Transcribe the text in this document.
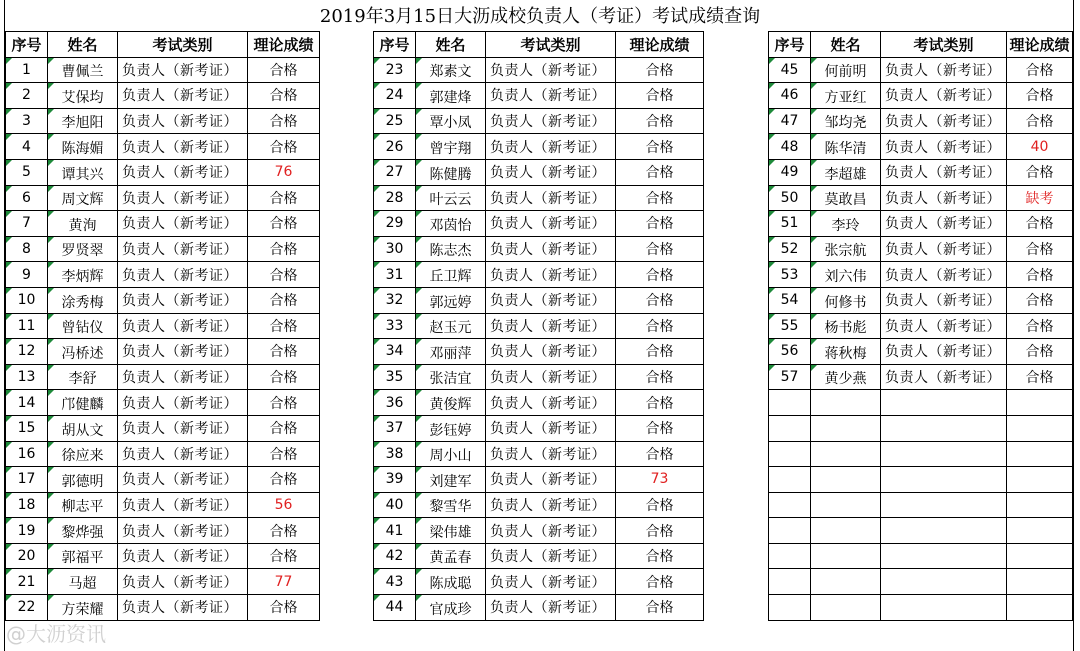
2019年3月15日大沥成校负责人（考证）考试成绩查询
序号	姓名	考试类别	理论成绩
1	曹佩兰	负责人（新考证）	合格
2	艾保均	负责人（新考证）	合格
3	李旭阳	负责人（新考证）	合格
4	陈海媚	负责人（新考证）	合格
5	谭其兴	负责人（新考证）	76
6	周文辉	负责人（新考证）	合格
7	黄洵	负责人（新考证）	合格
8	罗贤翠	负责人（新考证）	合格
9	李炳辉	负责人（新考证）	合格
10	涂秀梅	负责人（新考证）	合格
11	曾钻仪	负责人（新考证）	合格
12	冯桥述	负责人（新考证）	合格
13	李舒	负责人（新考证）	合格
14	邝健麟	负责人（新考证）	合格
15	胡从文	负责人（新考证）	合格
16	徐应来	负责人（新考证）	合格
17	郭德明	负责人（新考证）	合格
18	柳志平	负责人（新考证）	56
19	黎烨强	负责人（新考证）	合格
20	郭福平	负责人（新考证）	合格
21	马超	负责人（新考证）	77
22	方荣耀	负责人（新考证）	合格
序号	姓名	考试类别	理论成绩
23	郑素文	负责人（新考证）	合格
24	郭建烽	负责人（新考证）	合格
25	覃小凤	负责人（新考证）	合格
26	曾宇翔	负责人（新考证）	合格
27	陈健腾	负责人（新考证）	合格
28	叶云云	负责人（新考证）	合格
29	邓茵怡	负责人（新考证）	合格
30	陈志杰	负责人（新考证）	合格
31	丘卫辉	负责人（新考证）	合格
32	郭远婷	负责人（新考证）	合格
33	赵玉元	负责人（新考证）	合格
34	邓丽萍	负责人（新考证）	合格
35	张洁宜	负责人（新考证）	合格
36	黄俊辉	负责人（新考证）	合格
37	彭钰婷	负责人（新考证）	合格
38	周小山	负责人（新考证）	合格
39	刘建军	负责人（新考证）	73
40	黎雪华	负责人（新考证）	合格
41	梁伟雄	负责人（新考证）	合格
42	黄孟春	负责人（新考证）	合格
43	陈成聪	负责人（新考证）	合格
44	官成珍	负责人（新考证）	合格
序号	姓名	考试类别	理论成绩
45	何前明	负责人（新考证）	合格
46	方亚红	负责人（新考证）	合格
47	邹均尧	负责人（新考证）	合格
48	陈华清	负责人（新考证）	40
49	李超雄	负责人（新考证）	合格
50	莫敢昌	负责人（新考证）	缺考
51	李玲	负责人（新考证）	合格
52	张宗航	负责人（新考证）	合格
53	刘六伟	负责人（新考证）	合格
54	何修书	负责人（新考证）	合格
55	杨书彪	负责人（新考证）	合格
56	蒋秋梅	负责人（新考证）	合格
57	黄少燕	负责人（新考证）	合格

@大沥资讯
